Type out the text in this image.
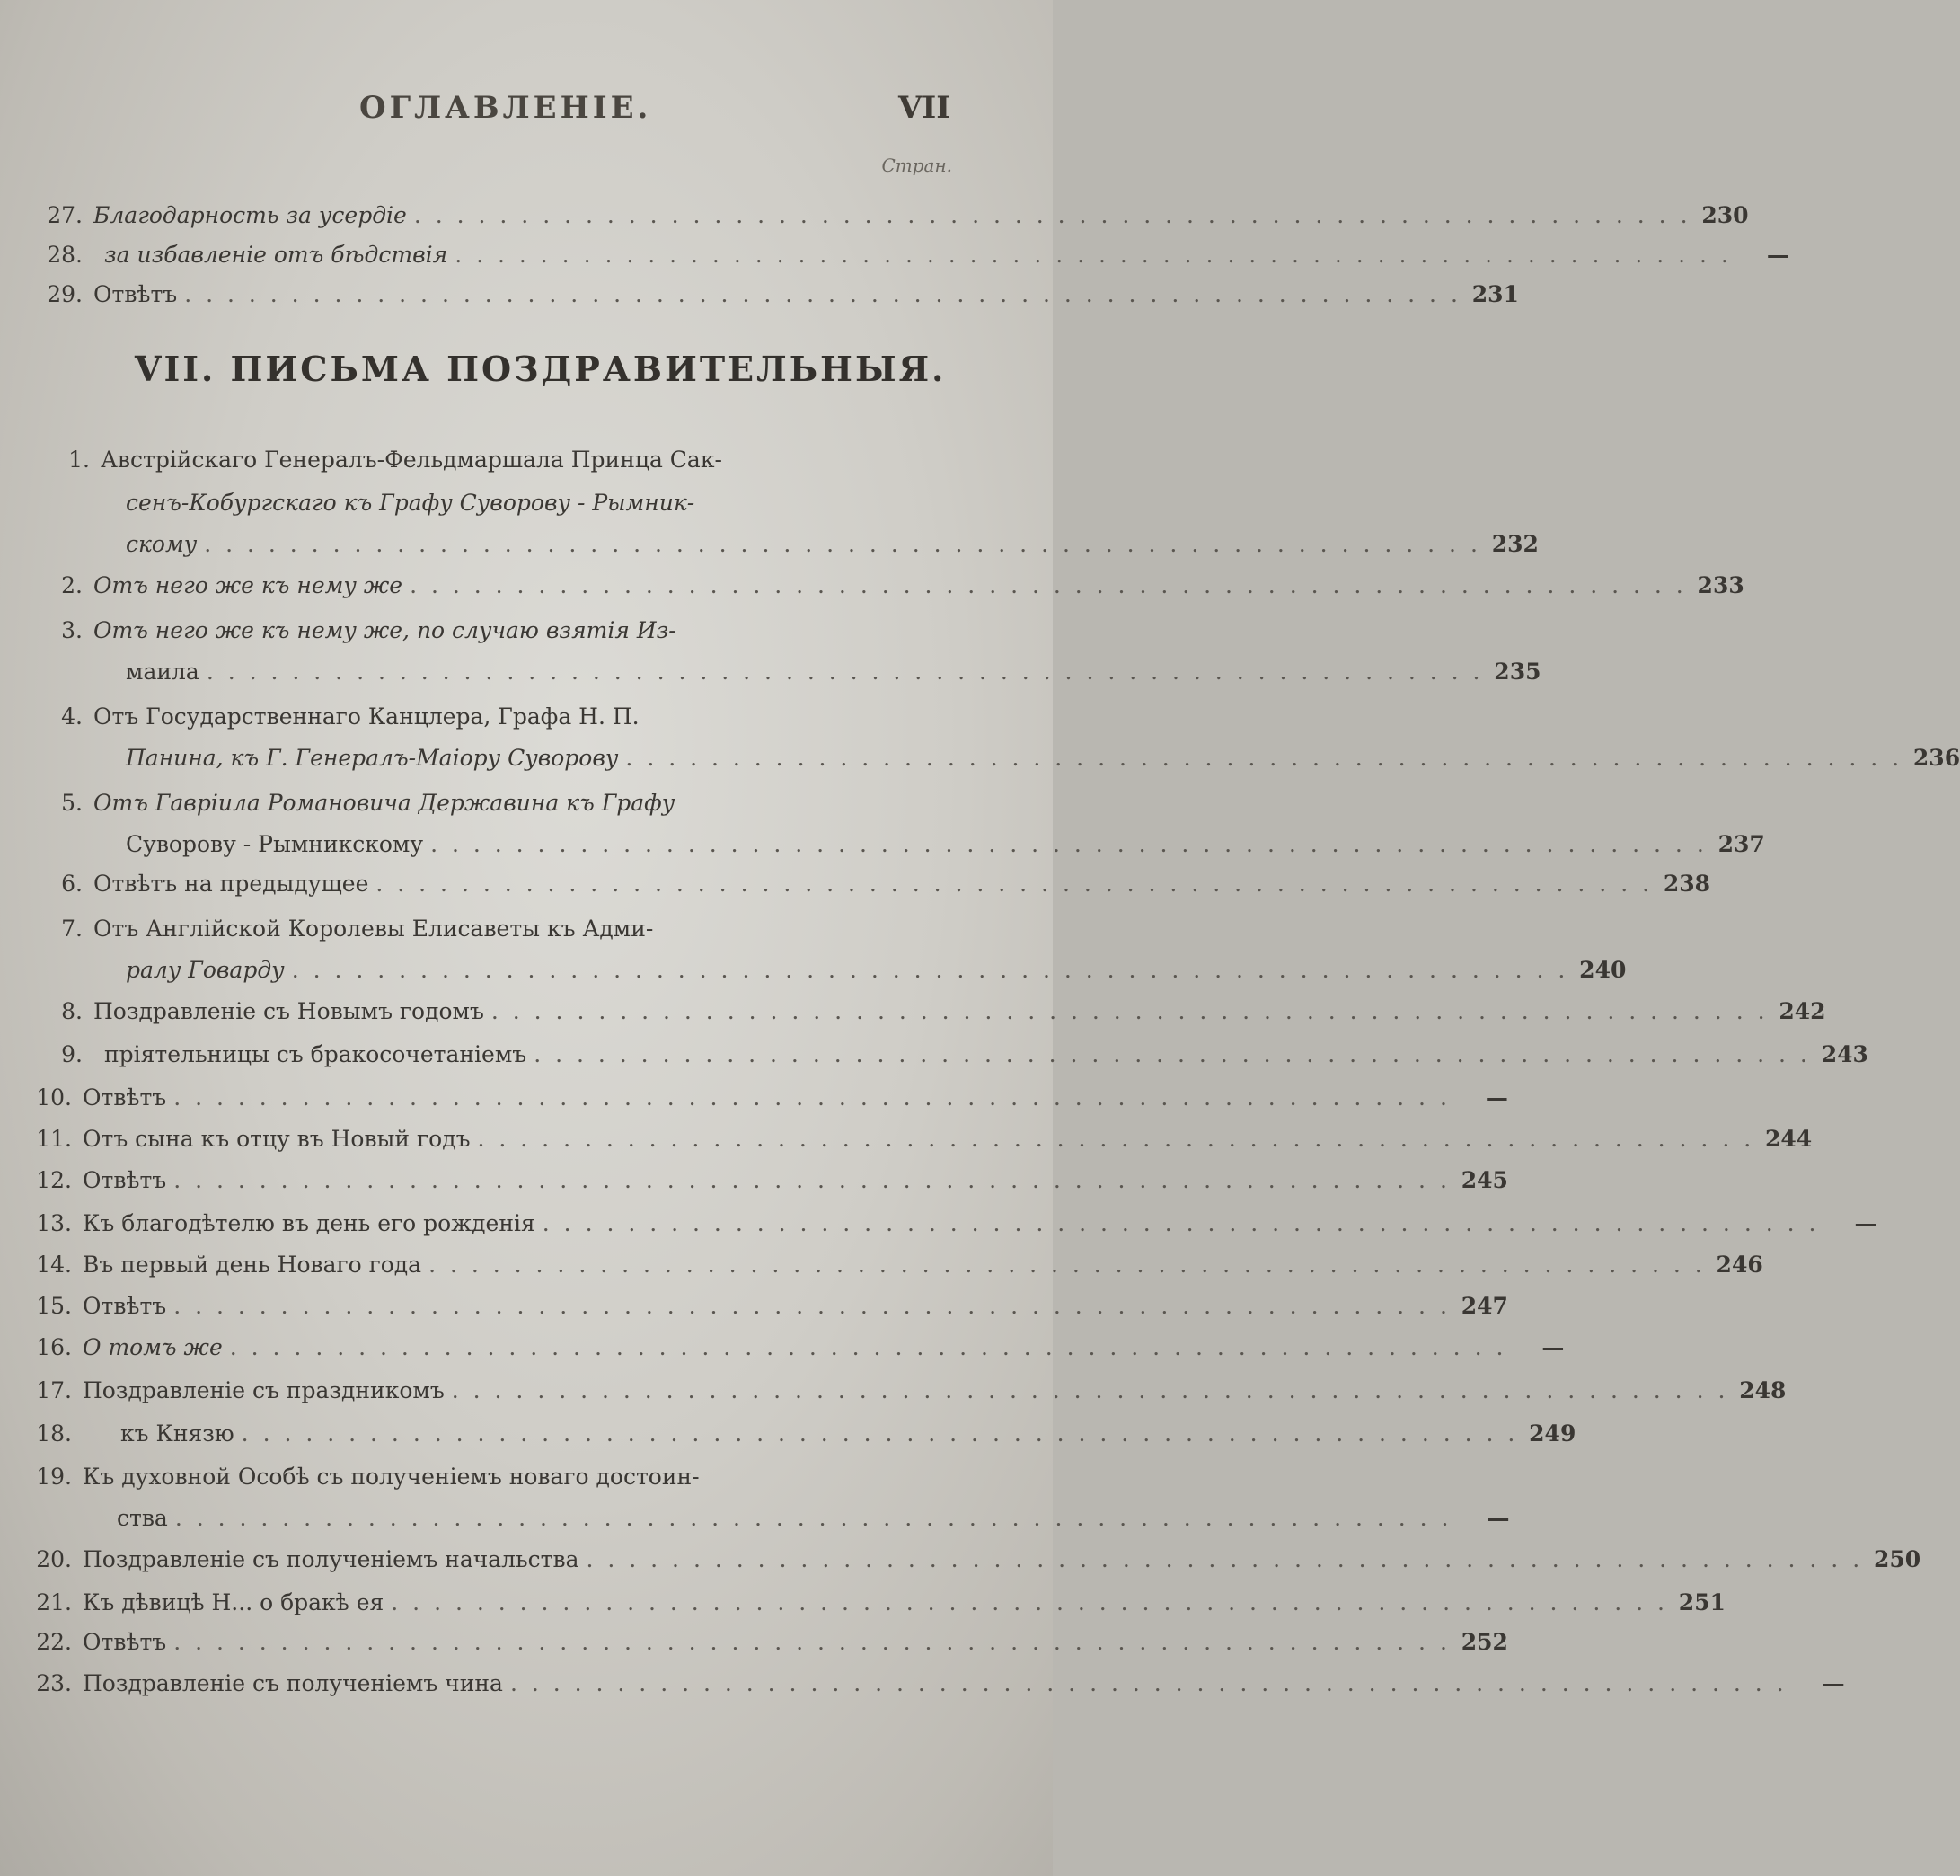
ОГЛАВЛЕНІЕ.	VII
Стран.
27. Благодарность за усердіе . . . . . . . . . . . . . . . . . . . . . . . . . . . . . . . . . . . . . . . . . . . . . . . . . . . . . . . . . . . . 230
28. за избавленіе отъ бѣдствія . . . . . . . . . . . . . . . . . . . . . . . . . . . . . . . . . . . . . . . . . . . . . . . . . . . . . . . . . . . .	—
29. Отвѣтъ . . . . . . . . . . . . . . . . . . . . . . . . . . . . . . . . . . . . . . . . . . . . . . . . . . . . . . . . . . . . 231
VII. ПИСЬМА ПОЗДРАВИТЕЛЬНЫЯ.
1. Австрійскаго Генералъ-Фельдмаршала Принца Сак-
сенъ-Кобургскаго къ Графу Суворову - Рымник-
скому . . . . . . . . . . . . . . . . . . . . . . . . . . . . . . . . . . . . . . . . . . . . . . . . . . . . . . . . . . . . 232
2. Отъ него же къ нему же . . . . . . . . . . . . . . . . . . . . . . . . . . . . . . . . . . . . . . . . . . . . . . . . . . . . . . . . . . . . 233
3. Отъ него же къ нему же, по случаю взятія Из-
маила . . . . . . . . . . . . . . . . . . . . . . . . . . . . . . . . . . . . . . . . . . . . . . . . . . . . . . . . . . . . 235
4. Отъ Государственнаго Канцлера, Графа Н. П.
Панина, къ Г. Генералъ-Маіору Суворову . . . . . . . . . . . . . . . . . . . . . . . . . . . . . . . . . . . . . . . . . . . . . . . . . . . . . . . . . . . . 236
5. Отъ Гавріила Романовича Державина къ Графу
Суворову - Рымникскому . . . . . . . . . . . . . . . . . . . . . . . . . . . . . . . . . . . . . . . . . . . . . . . . . . . . . . . . . . . . 237
6. Отвѣтъ на предыдущее . . . . . . . . . . . . . . . . . . . . . . . . . . . . . . . . . . . . . . . . . . . . . . . . . . . . . . . . . . . . 238
7. Отъ Англійской Королевы Елисаветы къ Адми-
ралу Говарду . . . . . . . . . . . . . . . . . . . . . . . . . . . . . . . . . . . . . . . . . . . . . . . . . . . . . . . . . . . . 240
8. Поздравленіе съ Новымъ годомъ . . . . . . . . . . . . . . . . . . . . . . . . . . . . . . . . . . . . . . . . . . . . . . . . . . . . . . . . . . . . 242
9. пріятельницы съ бракосочетаніемъ . . . . . . . . . . . . . . . . . . . . . . . . . . . . . . . . . . . . . . . . . . . . . . . . . . . . . . . . . . . . 243
10. Отвѣтъ . . . . . . . . . . . . . . . . . . . . . . . . . . . . . . . . . . . . . . . . . . . . . . . . . . . . . . . . . . . .	—
11. Отъ сына къ отцу въ Новый годъ . . . . . . . . . . . . . . . . . . . . . . . . . . . . . . . . . . . . . . . . . . . . . . . . . . . . . . . . . . . . 244
12. Отвѣтъ . . . . . . . . . . . . . . . . . . . . . . . . . . . . . . . . . . . . . . . . . . . . . . . . . . . . . . . . . . . . 245
13. Къ благодѣтелю въ день его рожденія . . . . . . . . . . . . . . . . . . . . . . . . . . . . . . . . . . . . . . . . . . . . . . . . . . . . . . . . . . . .	—
14. Въ первый день Новаго года . . . . . . . . . . . . . . . . . . . . . . . . . . . . . . . . . . . . . . . . . . . . . . . . . . . . . . . . . . . . 246
15. Отвѣтъ . . . . . . . . . . . . . . . . . . . . . . . . . . . . . . . . . . . . . . . . . . . . . . . . . . . . . . . . . . . . 247
16. О томъ же . . . . . . . . . . . . . . . . . . . . . . . . . . . . . . . . . . . . . . . . . . . . . . . . . . . . . . . . . . . .	—
17. Поздравленіе съ праздникомъ . . . . . . . . . . . . . . . . . . . . . . . . . . . . . . . . . . . . . . . . . . . . . . . . . . . . . . . . . . . . 248
18.	къ Князю . . . . . . . . . . . . . . . . . . . . . . . . . . . . . . . . . . . . . . . . . . . . . . . . . . . . . . . . . . . . 249
19. Къ духовной Особѣ съ полученіемъ новаго достоин-
ства . . . . . . . . . . . . . . . . . . . . . . . . . . . . . . . . . . . . . . . . . . . . . . . . . . . . . . . . . . . .	—
20. Поздравленіе съ полученіемъ начальства . . . . . . . . . . . . . . . . . . . . . . . . . . . . . . . . . . . . . . . . . . . . . . . . . . . . . . . . . . . . 250
21. Къ дѣвицѣ Н... о бракѣ ея . . . . . . . . . . . . . . . . . . . . . . . . . . . . . . . . . . . . . . . . . . . . . . . . . . . . . . . . . . . . 251
22. Отвѣтъ . . . . . . . . . . . . . . . . . . . . . . . . . . . . . . . . . . . . . . . . . . . . . . . . . . . . . . . . . . . . 252
23. Поздравленіе съ полученіемъ чина . . . . . . . . . . . . . . . . . . . . . . . . . . . . . . . . . . . . . . . . . . . . . . . . . . . . . . . . . . . .	—
